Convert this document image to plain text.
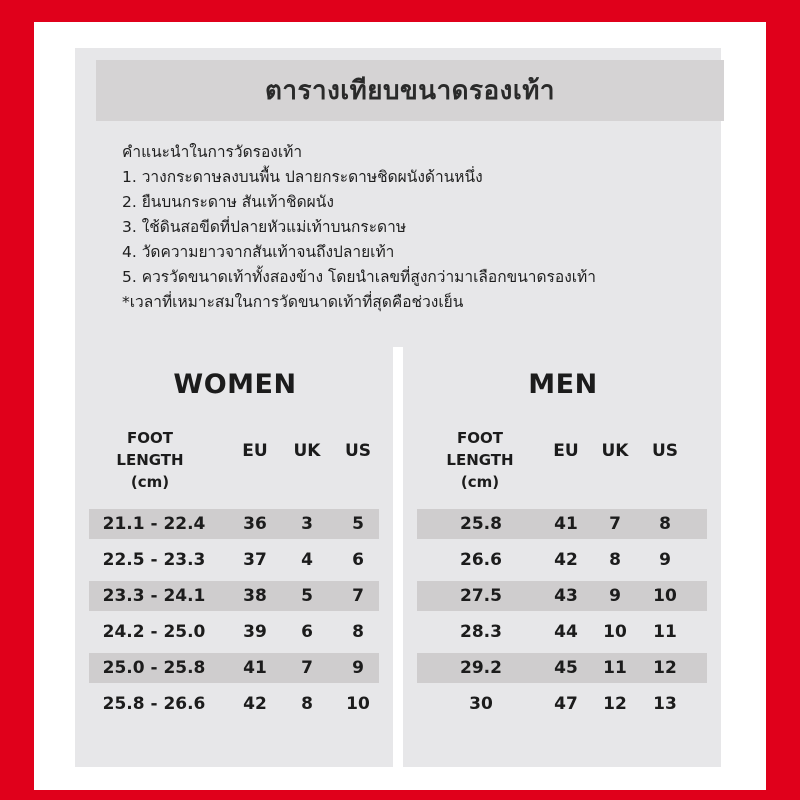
ตารางเทียบขนาดรองเท้า
คำแนะนำในการวัดรองเท้า
1. วางกระดาษลงบนพื้น ปลายกระดาษชิดผนังด้านหนึ่ง
2. ยืนบนกระดาษ สันเท้าชิดผนัง
3. ใช้ดินสอขีดที่ปลายหัวแม่เท้าบนกระดาษ
4. วัดความยาวจากสันเท้าจนถึงปลายเท้า
5. ควรวัดขนาดเท้าทั้งสองข้าง โดยนำเลขที่สูงกว่ามาเลือกขนาดรองเท้า
*เวลาที่เหมาะสมในการวัดขนาดเท้าที่สุดคือช่วงเย็น
WOMEN
FOOT
LENGTH
(cm)
EU	UK	US
21.1 - 22.4	36	3	5
22.5 - 23.3	37	4	6
23.3 - 24.1	38	5	7
24.2 - 25.0	39	6	8
25.0 - 25.8	41	7	9
25.8 - 26.6	42	8	10
MEN
FOOT
LENGTH
(cm)
EU	UK	US
25.8	41	7	8
26.6	42	8	9
27.5	43	9	10
28.3	44	10	11
29.2	45	11	12
30	47	12	13
